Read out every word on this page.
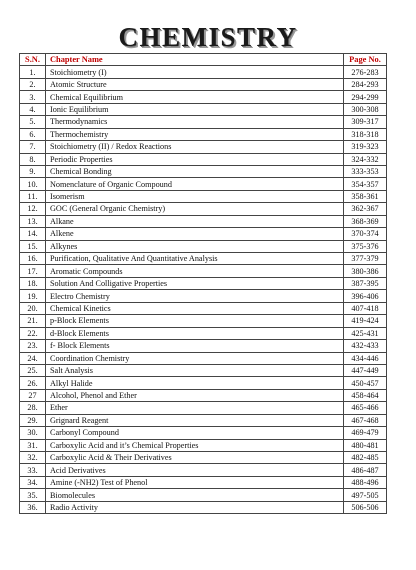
CHEMISTRY
S.N.	Chapter Name	Page No.
1.	Stoichiometry (I)	276-283
2.	Atomic Structure	284-293
3.	Chemical Equilibrium	294-299
4.	Ionic Equilibrium	300-308
5.	Thermodynamics	309-317
6.	Thermochemistry	318-318
7.	Stoichiometry (II) / Redox Reactions	319-323
8.	Periodic Properties	324-332
9.	Chemical Bonding	333-353
10.	Nomenclature of Organic Compound	354-357
11.	Isomerism	358-361
12.	GOC (General Organic Chemistry)	362-367
13.	Alkane	368-369
14.	Alkene	370-374
15.	Alkynes	375-376
16.	Purification, Qualitative And Quantitative Analysis	377-379
17.	Aromatic Compounds	380-386
18.	Solution And Colligative Properties	387-395
19.	Electro Chemistry	396-406
20.	Chemical Kinetics	407-418
21.	p-Block Elements	419-424
22.	d-Block Elements	425-431
23.	f- Block Elements	432-433
24.	Coordination Chemistry	434-446
25.	Salt Analysis	447-449
26.	Alkyl Halide	450-457
27	Alcohol, Phenol and Ether	458-464
28.	Ether	465-466
29.	Grignard Reagent	467-468
30.	Carbonyl Compound	469-479
31.	Carboxylic Acid and it’s Chemical Properties	480-481
32.	Carboxylic Acid & Their Derivatives	482-485
33.	Acid Derivatives	486-487
34.	Amine (-NH2) Test of Phenol	488-496
35.	Biomolecules	497-505
36.	Radio Activity	506-506
